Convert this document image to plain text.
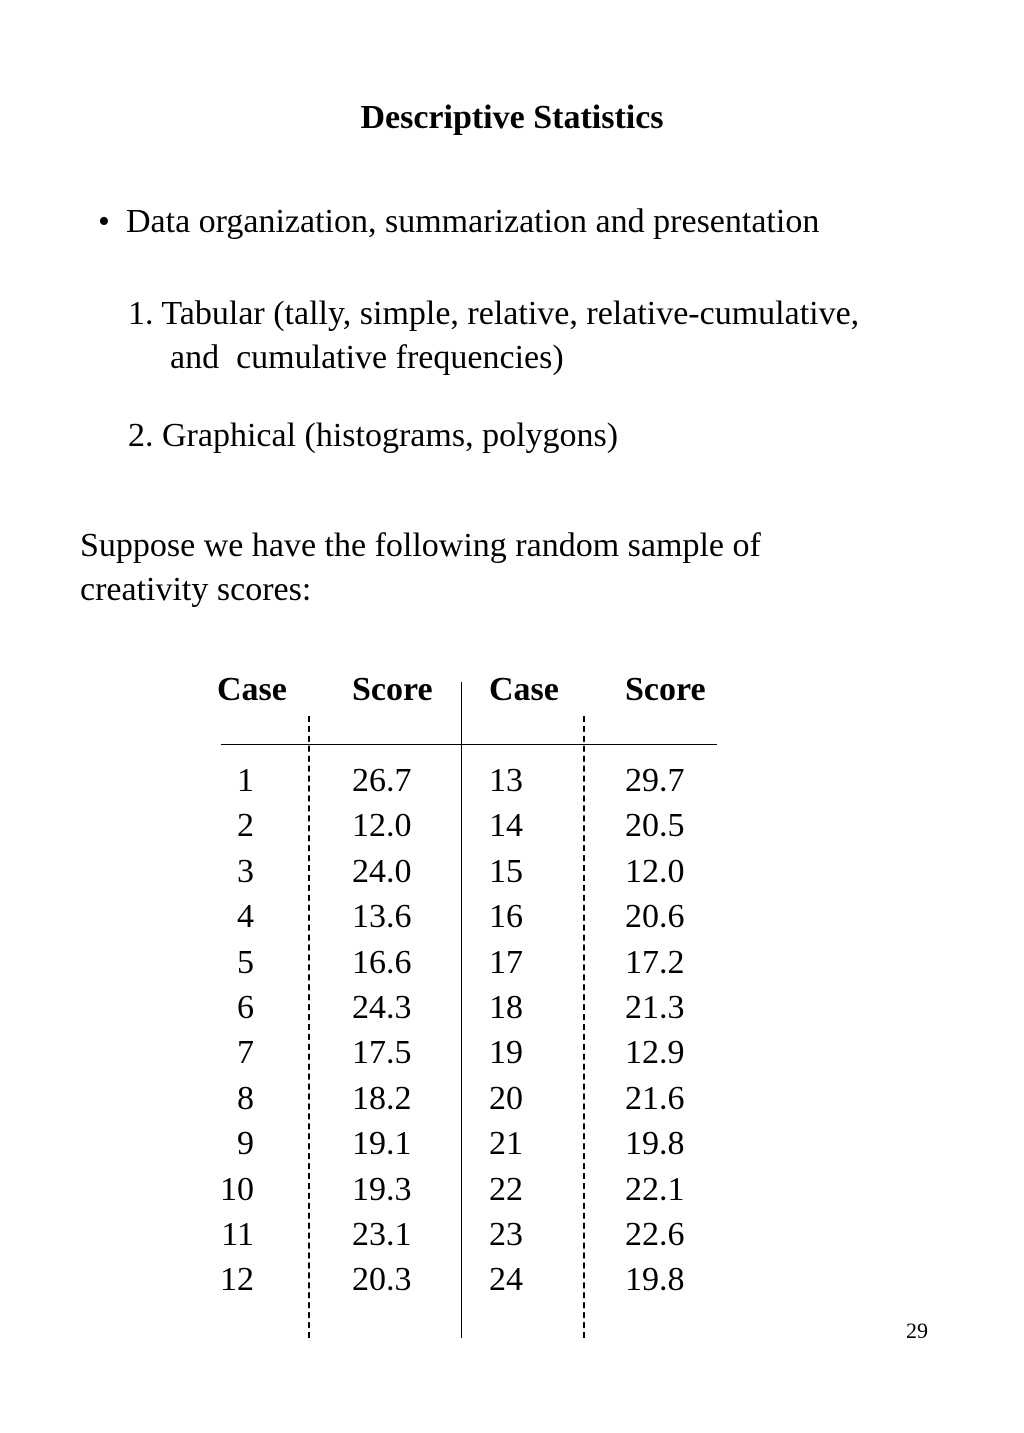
Descriptive Statistics
• Data organization, summarization and presentation
1. Tabular (tally, simple, relative, relative-cumulative,
and  cumulative frequencies)
2. Graphical (histograms, polygons)
Suppose we have the following random sample of
creativity scores:
Case Score Case Score
1	26.7 13	29.7
2	12.0 14	20.5
3	24.0 15	12.0
4	13.6 16	20.6
5	16.6 17	17.2
6	24.3 18	21.3
7	17.5 19	12.9
8	18.2 20	21.6
9	19.1 21	19.8
10	19.3 22	22.1
11	23.1 23	22.6
12	20.3 24	19.8
29
